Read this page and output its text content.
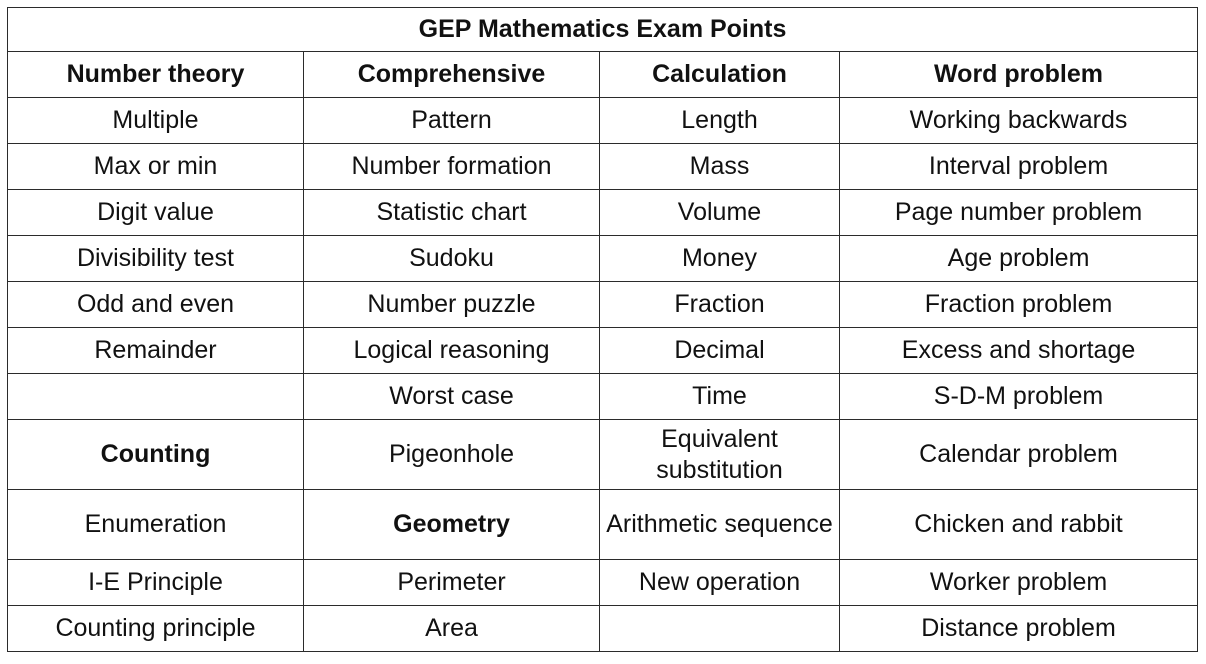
GEP Mathematics Exam Points			
Number theory	Comprehensive	Calculation	Word problem
Multiple	Pattern	Length	Working backwards
Max or min	Number formation	Mass	Interval problem
Digit value	Statistic chart	Volume	Page number problem
Divisibility test	Sudoku	Money	Age problem
Odd and even	Number puzzle	Fraction	Fraction problem
Remainder	Logical reasoning	Decimal	Excess and shortage
	Worst case	Time	S-D-M problem
Counting	Pigeonhole	Equivalent substitution	Calendar problem
Enumeration	Geometry	Arithmetic sequence	Chicken and rabbit
I-E Principle	Perimeter	New operation	Worker problem
Counting principle	Area		Distance problem
